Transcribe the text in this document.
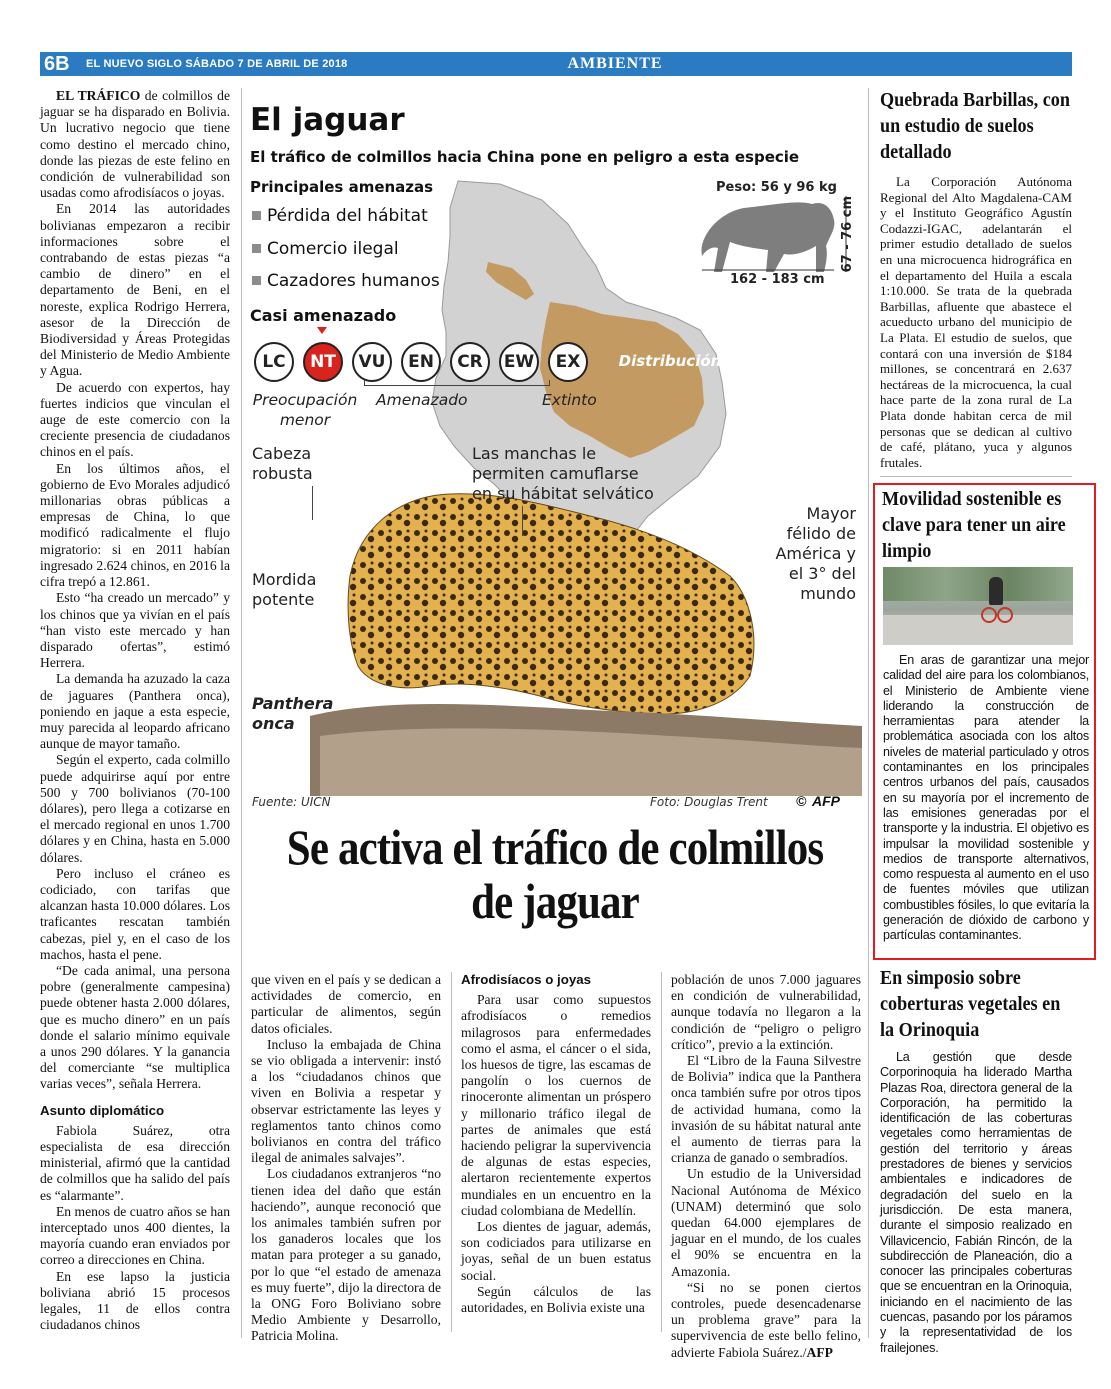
6B EL NUEVO SIGLO SÁBADO 7 DE ABRIL DE 2018	AMBIENTE

EL TRÁFICO de colmillos de jaguar se ha disparado en Bolivia. Un lucrativo negocio que tiene como destino el mercado chino, donde las piezas de este felino en condición de vulnerabilidad son usadas como afrodisíacos o joyas.

En 2014 las autoridades bolivianas empezaron a recibir informaciones sobre el contrabando de estas piezas “a cambio de dinero” en el departamento de Beni, en el noreste, explica Rodrigo Herrera, asesor de la Dirección de Biodiversidad y Áreas Protegidas del Ministerio de Medio Ambiente y Agua.

De acuerdo con expertos, hay fuertes indicios que vinculan el auge de este comercio con la creciente presencia de ciudadanos chinos en el país.

En los últimos años, el gobierno de Evo Morales adjudicó millonarias obras públicas a empresas de China, lo que modificó radicalmente el flujo migratorio: si en 2011 habían ingresado 2.624 chinos, en 2016 la cifra trepó a 12.861.

Esto “ha creado un mercado” y los chinos que ya vivían en el país “han visto este mercado y han disparado ofertas”, estimó Herrera.

La demanda ha azuzado la caza de jaguares (Panthera onca), poniendo en jaque a esta especie, muy parecida al leopardo africano aunque de mayor tamaño.

Según el experto, cada colmillo puede adquirirse aquí por entre 500 y 700 bolivianos (70-100 dólares), pero llega a cotizarse en el mercado regional en unos 1.700 dólares y en China, hasta en 5.000 dólares.

Pero incluso el cráneo es codiciado, con tarifas que alcanzan hasta 10.000 dólares. Los traficantes rescatan también cabezas, piel y, en el caso de los machos, hasta el pene.

“De cada animal, una persona pobre (generalmente campesina) puede obtener hasta 2.000 dólares, que es mucho dinero” en un país donde el salario mínimo equivale a unos 290 dólares. Y la ganancia del comerciante “se multiplica varias veces”, señala Herrera.

Asunto diplomático

Fabiola Suárez, otra especialista de esa dirección ministerial, afirmó que la cantidad de colmillos que ha salido del país es “alarmante”.

En menos de cuatro años se han interceptado unos 400 dientes, la mayoría cuando eran enviados por correo a direcciones en China.

En ese lapso la justicia boliviana abrió 15 procesos legales, 11 de ellos contra ciudadanos chinos

Distribución
El jaguar
El tráfico de colmillos hacia China pone en peligro a esta especie
Principales amenazas
Pérdida del hábitat
Comercio ilegal
Cazadores humanos
Casi amenazado
LC	NT	VU	EN	CR	EW	EX
Preocupación
menor
Amenazado	Extinto
Peso: 56 y 96 kg
67 - 76 cm
162 - 183 cm
Cabeza
robusta
Las manchas le
permiten camuflarse
en su hábitat selvático
Mayor
félido de
América y
el 3° del
mundo
Mordida
potente
Panthera
onca
Fuente: UICN	Foto: Douglas Trent © AFP
Se activa el tráfico de colmillos de jaguar

que viven en el país y se dedican a actividades de comercio, en particular de alimentos, según datos oficiales.

Incluso la embajada de China se vio obligada a intervenir: instó a los “ciudadanos chinos que viven en Bolivia a respetar y observar estrictamente las leyes y reglamentos tanto chinos como bolivianos en contra del tráfico ilegal de animales salvajes”.

Los ciudadanos extranjeros “no tienen idea del daño que están haciendo”, aunque reconoció que los animales también sufren por los ganaderos locales que los matan para proteger a su ganado, por lo que “el estado de amenaza es muy fuerte”, dijo la directora de la ONG Foro Boliviano sobre Medio Ambiente y Desarrollo, Patricia Molina.

Afrodisíacos o joyas

Para usar como supuestos afrodisíacos o remedios milagrosos para enfermedades como el asma, el cáncer o el sida, los huesos de tigre, las escamas de pangolín o los cuernos de rinoceronte alimentan un próspero y millonario tráfico ilegal de partes de animales que está haciendo peligrar la supervivencia de algunas de estas especies, alertaron recientemente expertos mundiales en un encuentro en la ciudad colombiana de Medellín.

Los dientes de jaguar, además, son codiciados para utilizarse en joyas, señal de un buen estatus social.

Según cálculos de las autoridades, en Bolivia existe una

población de unos 7.000 jaguares en condición de vulnerabilidad, aunque todavía no llegaron a la condición de “peligro o peligro crítico”, previo a la extinción.

El “Libro de la Fauna Silvestre de Bolivia” indica que la Panthera onca también sufre por otros tipos de actividad humana, como la invasión de su hábitat natural ante el aumento de tierras para la crianza de ganado o sembradíos.

Un estudio de la Universidad Nacional Autónoma de México (UNAM) determinó que solo quedan 64.000 ejemplares de jaguar en el mundo, de los cuales el 90% se encuentra en la Amazonia.

“Si no se ponen ciertos controles, puede desencadenarse un problema grave” para la supervivencia de este bello felino, advierte Fabiola Suárez./AFP

Quebrada Barbillas, con un estudio de suelos detallado

La Corporación Autónoma Regional del Alto Magdalena-CAM y el Instituto Geográfico Agustín Codazzi-IGAC, adelantarán el primer estudio detallado de suelos en una microcuenca hidrográfica en el departamento del Huila a escala 1:10.000. Se trata de la quebrada Barbillas, afluente que abastece el acueducto urbano del municipio de La Plata. El estudio de suelos, que contará con una inversión de $184 millones, se concentrará en 2.637 hectáreas de la microcuenca, la cual hace parte de la zona rural de La Plata donde habitan cerca de mil personas que se dedican al cultivo de café, plátano, yuca y algunos frutales.

Movilidad sostenible es clave para tener un aire limpio

En aras de garantizar una mejor calidad del aire para los colombianos, el Ministerio de Ambiente viene liderando la construcción de herramientas para atender la problemática asociada con los altos niveles de material particulado y otros contaminantes en los principales centros urbanos del país, causados en su mayoría por el incremento de las emisiones generadas por el transporte y la industria. El objetivo es impulsar la movilidad sostenible y medios de transporte alternativos, como respuesta al aumento en el uso de fuentes móviles que utilizan combustibles fósiles, lo que evitaría la generación de dióxido de carbono y partículas contaminantes.

En simposio sobre coberturas vegetales en la Orinoquia

La gestión que desde Corporinoquia ha liderado Martha Plazas Roa, directora general de la Corporación, ha permitido la identificación de las coberturas vegetales como herramientas de gestión del territorio y áreas prestadores de bienes y servicios ambientales e indicadores de degradación del suelo en la jurisdicción. De esta manera, durante el simposio realizado en Villavicencio, Fabián Rincón, de la subdirección de Planeación, dio a conocer las principales coberturas que se encuentran en la Orinoquia, iniciando en el nacimiento de las cuencas, pasando por los páramos y la representatividad de los frailejones.
